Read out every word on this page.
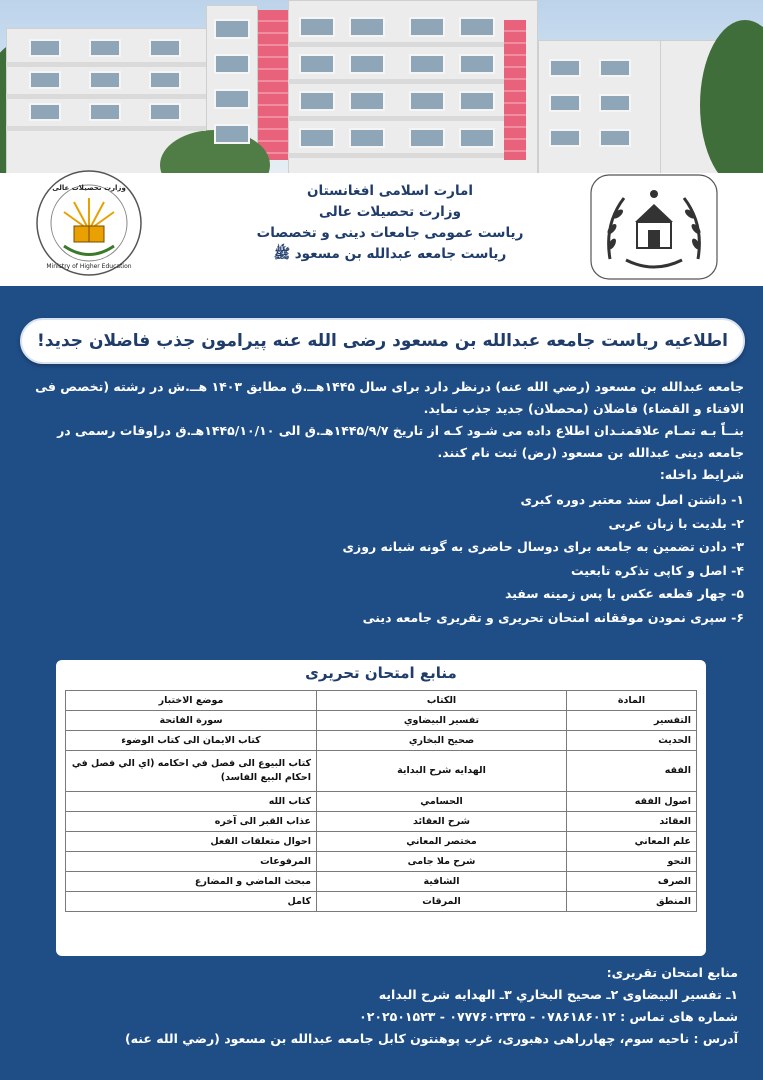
امارت اسلامی افغانستان
وزارت تحصیلات عالی
ریاست عمومی جامعات دینی و تخصصات
ریاست جامعه عبدالله بن مسعود ﷺ
وزارت تحصیلات عالی
Ministry of Higher Education
اطلاعیه ریاست جامعه عبدالله بن مسعود رضی الله عنه پیرامون جذب فاضلان جدید!

جامعه عبدالله بن مسعود (رضي الله عنه) درنظر دارد برای سال ۱۴۴۵هــ.ق مطابق ۱۴۰۳ هــ.ش در رشته (تخصص فی الافتاء و القضاء) فاضلان (محصلان) جدید جذب نماید.

بنــاًً بـه تمـام علاقمنـدان اطلاع داده می شـود کـه از تاریخ ۱۴۴۵/۹/۷هـ.ق الی ۱۴۴۵/۱۰/۱۰هـ.ق دراوقات رسمی در جامعه دینی عبدالله بن مسعود (رض) ثبت نام کنند.

شرایط داخله:
۱- داشتن اصل سند معتبر دوره کبری
۲- بلدیت با زبان عربی
۳- دادن تضمین به جامعه برای دوسال حاضری به گونه شبانه روزی
۴- اصل و کاپی تذکره تابعیت
۵- چهار قطعه عکس با پس زمینه سفید
۶- سپری نمودن موفقانه امتحان تحریری و تقریری جامعه دینی
منابع امتحان تحریری
المادة	الکتاب	موضع الاختبار
التفسیر	تفسیر البیضاوي	سورة الفاتحة
الحدیث	صحیح البخاري	کتاب الایمان الی کتاب الوضوء
الفقه	الهدایه شرح البدایة	کتاب البیوع الی فصل في احکامه (اي الي فصل في احکام البیع الفاسد)
اصول الفقه	الحسامي	کتاب الله
العقائد	شرح العقائد	عذاب القبر الی آخره
علم المعاني	مختصر المعاني	احوال متعلقات الفعل
النحو	شرح ملا جامی	المرفوعات
الصرف	الشافية	مبحث الماضي و المضارع
المنطق	المرقات	کامل
منابع امتحان تقریری:
۱ـ تفسیر البیضاوی ۲ـ صحیح البخاري ۳ـ الهدایه شرح البدایه
شماره های تماس : ۰۷۸۶۱۸۶۰۱۲ - ۰۷۷۷۶۰۲۳۳۵ - ۰۲۰۲۵۰۱۵۲۳
آدرس : ناحیه سوم، چهارراهی دهبوری، غرب پوهنتون کابل جامعه عبدالله بن مسعود (رضي الله عنه)
